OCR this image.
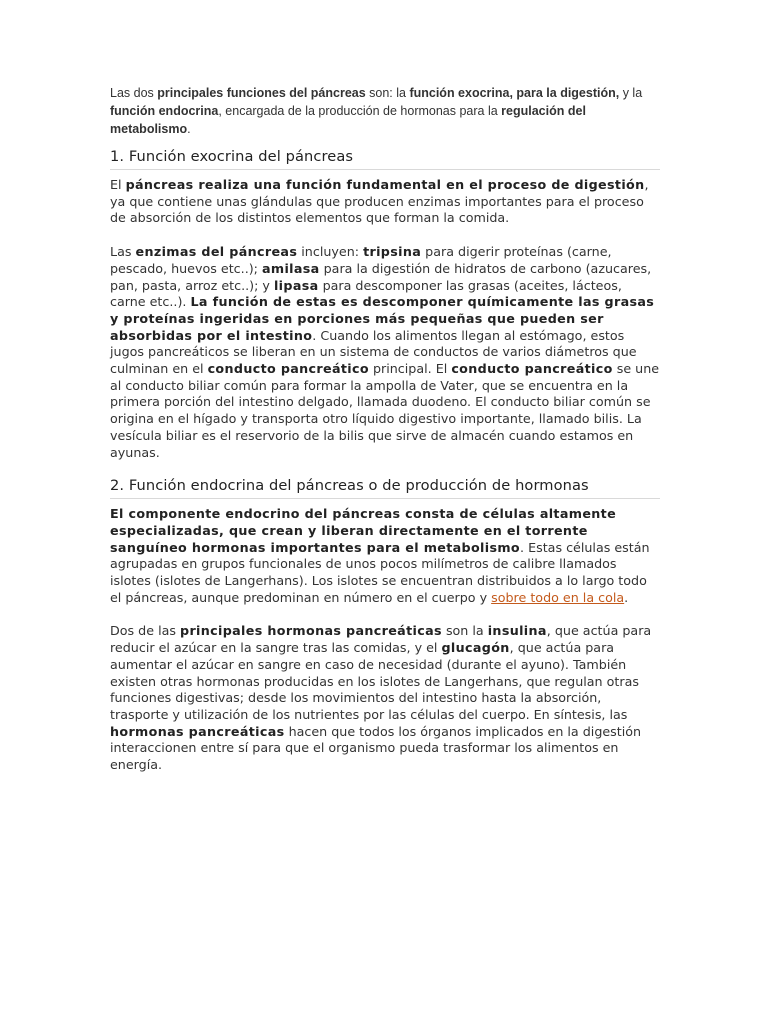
Las dos principales funciones del páncreas son: la función exocrina, para la digestión, y la función endocrina, encargada de la producción de hormonas para la regulación del metabolismo.

1. Función exocrina del páncreas

El páncreas realiza una función fundamental en el proceso de digestión, ya que contiene unas glándulas que producen enzimas importantes para el proceso de absorción de los distintos elementos que forman la comida.

Las enzimas del páncreas incluyen: tripsina para digerir proteínas (carne, pescado, huevos etc..); amilasa para la digestión de hidratos de carbono (azucares, pan, pasta, arroz etc..); y lipasa para descomponer las grasas (aceites, lácteos, carne etc..). La función de estas es descomponer químicamente las grasas y proteínas ingeridas en porciones más pequeñas que pueden ser absorbidas por el intestino. Cuando los alimentos llegan al estómago, estos jugos pancreáticos se liberan en un sistema de conductos de varios diámetros que culminan en el conducto pancreático principal. El conducto pancreático se une al conducto biliar común para formar la ampolla de Vater, que se encuentra en la primera porción del intestino delgado, llamada duodeno. El conducto biliar común se origina en el hígado y transporta otro líquido digestivo importante, llamado bilis. La vesícula biliar es el reservorio de la bilis que sirve de almacén cuando estamos en ayunas.

2. Función endocrina del páncreas o de producción de hormonas

El componente endocrino del páncreas consta de células altamente especializadas, que crean y liberan directamente en el torrente sanguíneo hormonas importantes para el metabolismo. Estas células están agrupadas en grupos funcionales de unos pocos milímetros de calibre llamados islotes (islotes de Langerhans). Los islotes se encuentran distribuidos a lo largo todo el páncreas, aunque predominan en número en el cuerpo y sobre todo en la cola.

Dos de las principales hormonas pancreáticas son la insulina, que actúa para reducir el azúcar en la sangre tras las comidas, y el glucagón, que actúa para aumentar el azúcar en sangre en caso de necesidad (durante el ayuno). También existen otras hormonas producidas en los islotes de Langerhans, que regulan otras funciones digestivas; desde los movimientos del intestino hasta la absorción, trasporte y utilización de los nutrientes por las células del cuerpo. En síntesis, las hormonas pancreáticas hacen que todos los órganos implicados en la digestión interaccionen entre sí para que el organismo pueda trasformar los alimentos en energía.
